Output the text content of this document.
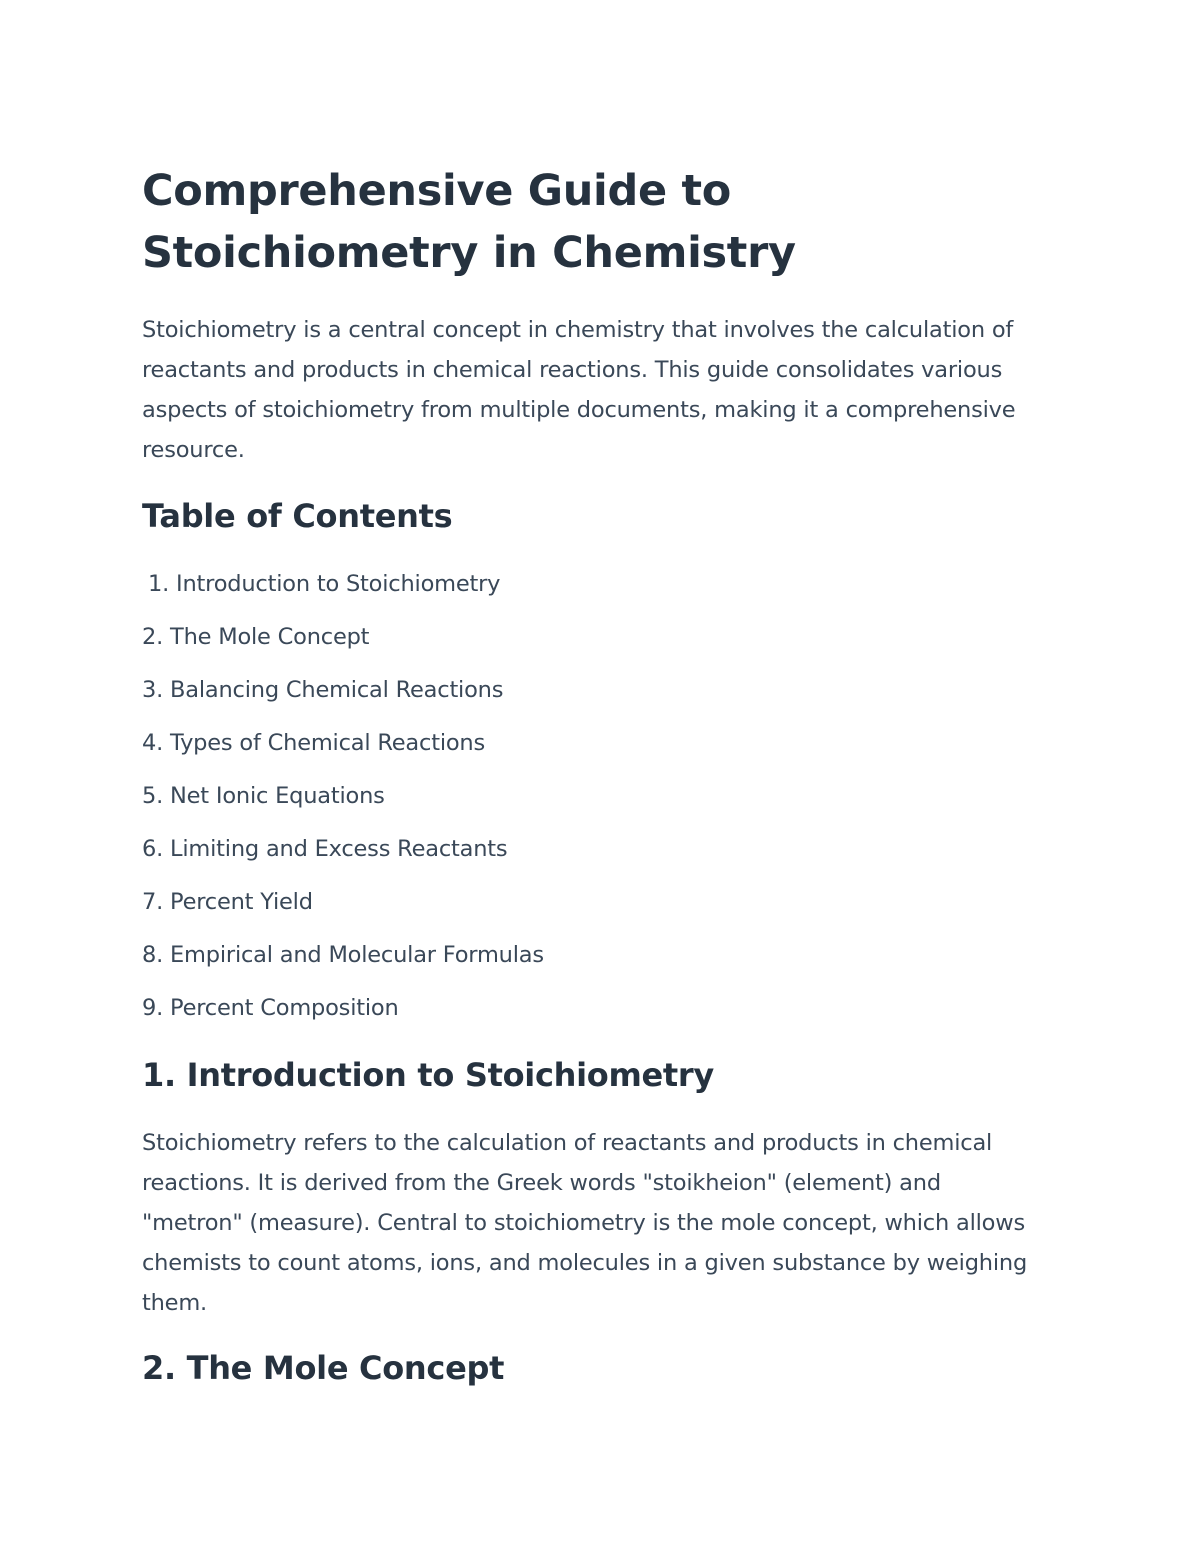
Comprehensive Guide to Stoichiometry in Chemistry

Stoichiometry is a central concept in chemistry that involves the calculation of reactants and products in chemical reactions. This guide consolidates various aspects of stoichiometry from multiple documents, making it a comprehensive resource.

Table of Contents
1. Introduction to Stoichiometry
2. The Mole Concept
3. Balancing Chemical Reactions
4. Types of Chemical Reactions
5. Net Ionic Equations
6. Limiting and Excess Reactants
7. Percent Yield
8. Empirical and Molecular Formulas
9. Percent Composition
1. Introduction to Stoichiometry

Stoichiometry refers to the calculation of reactants and products in chemical reactions. It is derived from the Greek words "stoikheion" (element) and "metron" (measure). Central to stoichiometry is the mole concept, which allows chemists to count atoms, ions, and molecules in a given substance by weighing them.

2. The Mole Concept
